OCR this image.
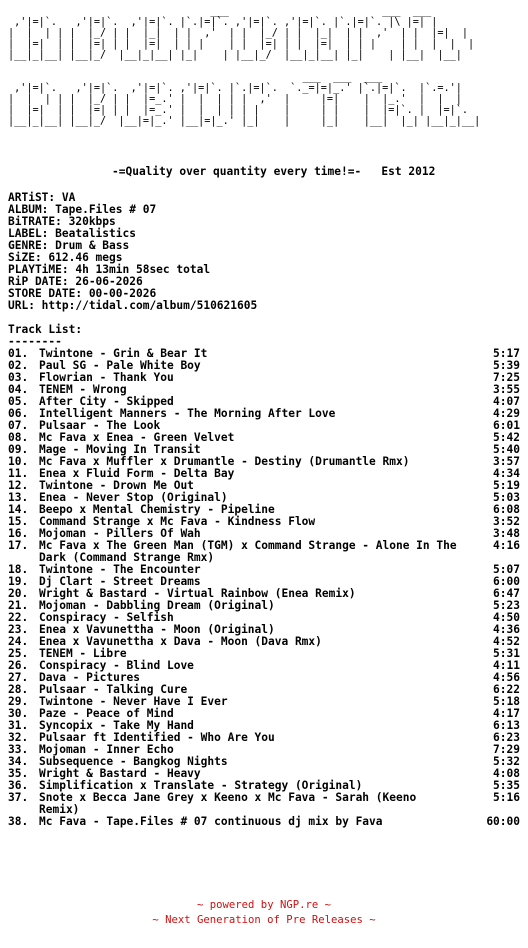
___                         ___  ___
,'|=|`.   ,'|=|`.  ,'|=|`. |`.|=|`. ,'|=|`. ,'|=|`. |`.|=|`. |\ |=| |
|  |  | | |  |_/ | |  |_|  | |  ,'  | |  |_/ | |  |_|  | |  ,'  | |  |=|  |
|  |=|  | |  |=| | |  |=|  | | |    | |  |=| | |  |=|  | | |    | |  |  |  |
|__|_|__| |__|_/  |__|_|__| |_|    | |__|_/  |__|_|__| |_|    | |__|  |__|

___  ___  ___
,'|=|`.   ,'|=|`.  ,'|=|`. ,'|=|`. |`.|=|`.  `._=|=|_.' |`.|=|`.  |`.=.'|
|  |  | | |  |_/ | |  |=_.' |  |  | | |  ,'  |     |=|    |  |_.'  |  |  |
|  |=|  | |  |=| | |  |=_.' |  |  | | | |    |     | |    |  |=|`. |  |=|`.
|__|_|__| |__|_/  |__|=|_.' |__|=|_.' |_|    |     |_|    |__|  |_| |__|_|__|
-=Quality over quantity every time!=-   Est 2012
ARTiST: VA
ALBUM: Tape.Files # 07
BiTRATE: 320kbps
LABEL: Beatalistics
GENRE: Drum & Bass
SiZE: 612.46 megs
PLAYTiME: 4h 13min 58sec total
RiP DATE: 26-06-2026
STORE DATE: 00-00-2026
URL: http://tidal.com/album/510621605
Track List:
--------
01. Twintone - Grin & Bear It	5:17
02. Paul SG - Pale White Boy	5:39
03. Flowrian - Thank You	7:25
04. TENEM - Wrong	3:55
05. After City - Skipped	4:07
06. Intelligent Manners - The Morning After Love	4:29
07. Pulsaar - The Look	6:01
08. Mc Fava x Enea - Green Velvet	5:42
09. Mage - Moving In Transit	5:40
10. Mc Fava x Muffler x Drumantle - Destiny (Drumantle Rmx)	3:57
11. Enea x Fluid Form - Delta Bay	4:34
12. Twintone - Drown Me Out	5:19
13. Enea - Never Stop (Original)	5:03
14. Beepo x Mental Chemistry - Pipeline	6:08
15. Command Strange x Mc Fava - Kindness Flow	3:52
16. Mojoman - Pillers Of Wah	3:48
17. Mc Fava x The Green Man (TGM) x Command Strange - Alone In The Dark (Command Strange Rmx)
4:16
18. Twintone - The Encounter	5:07
19. Dj Clart - Street Dreams	6:00
20. Wright & Bastard - Virtual Rainbow (Enea Remix)	6:47
21. Mojoman - Dabbling Dream (Original)	5:23
22. Conspiracy - Selfish	4:50
23. Enea x Vavunettha - Moon (Original)	4:36
24. Enea x Vavunettha x Dava - Moon (Dava Rmx)	4:52
25. TENEM - Libre	5:31
26. Conspiracy - Blind Love	4:11
27. Dava - Pictures	4:56
28. Pulsaar - Talking Cure	6:22
29. Twintone - Never Have I Ever	5:18
30. Paze - Peace of Mind	4:17
31. Syncopix - Take My Hand	6:13
32. Pulsaar ft Identified - Who Are You	6:23
33. Mojoman - Inner Echo	7:29
34. Subsequence - Bangkog Nights	5:32
35. Wright & Bastard - Heavy	4:08
36. Simplification x Translate - Strategy (Original)	5:35
37. Snote x Becca Jane Grey x Keeno x Mc Fava - Sarah (Keeno Remix)
5:16
38. Mc Fava - Tape.Files # 07 continuous dj mix by Fava	60:00
~ powered by NGP.re ~
~ Next Generation of Pre Releases ~
